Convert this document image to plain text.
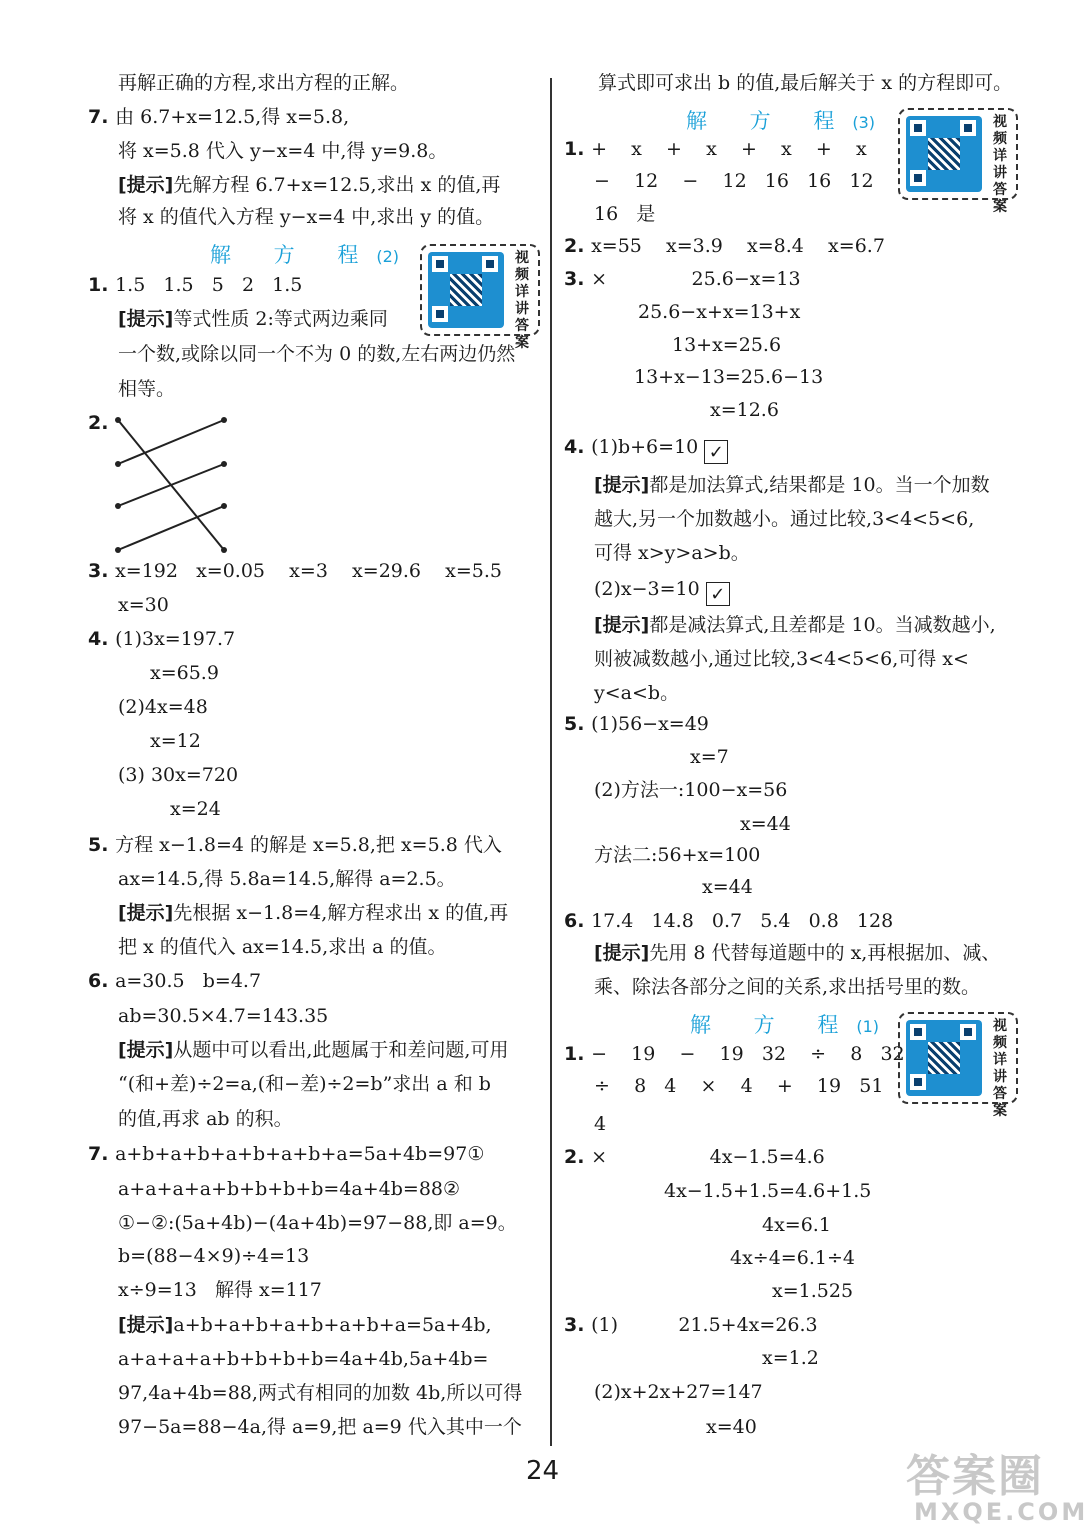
再解正确的方程,求出方程的正解。
7. 由 6.7+x=12.5,得 x=5.8,
将 x=5.8 代入 y−x=4 中,得 y=9.8。
[提示]先解方程 6.7+x=12.5,求出 x 的值,再
将 x 的值代入方程 y−x=4 中,求出 y 的值。
1. 1.5   1.5   5   2   1.5
[提示]等式性质 2:等式两边乘同
一个数,或除以同一个不为 0 的数,左右两边仍然
相等。
2.
3. x=192   x=0.05    x=3    x=29.6    x=5.5
x=30
4. (1)3x=197.7
x=65.9
(2)4x=48
x=12
(3) 30x=720
x=24
5. 方程 x−1.8=4 的解是 x=5.8,把 x=5.8 代入
ax=14.5,得 5.8a=14.5,解得 a=2.5。
[提示]先根据 x−1.8=4,解方程求出 x 的值,再
把 x 的值代入 ax=14.5,求出 a 的值。
6. a=30.5   b=4.7
ab=30.5×4.7=143.35
[提示]从题中可以看出,此题属于和差问题,可用
“(和+差)÷2=a,(和−差)÷2=b”求出 a 和 b
的值,再求 ab 的积。
7. a+b+a+b+a+b+a+b+a=5a+4b=97①
a+a+a+a+b+b+b+b=4a+4b=88②
①−②:(5a+4b)−(4a+4b)=97−88,即 a=9。
b=(88−4×9)÷4=13
x÷9=13   解得 x=117
[提示]a+b+a+b+a+b+a+b+a=5a+4b,
a+a+a+a+b+b+b+b=4a+4b,5a+4b=
97,4a+4b=88,两式有相同的加数 4b,所以可得
97−5a=88−4a,得 a=9,把 a=9 代入其中一个
解 方 程(2)
算式即可求出 b 的值,最后解关于 x 的方程即可。
1. +    x    +    x    +    x    +    x
−    12    −    12   16   16   12
16   是
2. x=55    x=3.9    x=8.4    x=6.7
3. ×              25.6−x=13
25.6−x+x=13+x
13+x=25.6
13+x−13=25.6−13
x=12.6
4. (1)b+6=10 ✓
[提示]都是加法算式,结果都是 10。当一个加数
越大,另一个加数越小。通过比较,3<4<5<6,
可得 x>y>a>b。
(2)x−3=10 ✓
[提示]都是减法算式,且差都是 10。当减数越小,
则被减数越小,通过比较,3<4<5<6,可得 x<
y<a<b。
5. (1)56−x=49
x=7
(2)方法一:100−x=56
x=44
方法二:56+x=100
x=44
6. 17.4   14.8   0.7   5.4   0.8   128
[提示]先用 8 代替每道题中的 x,再根据加、减、
乘、除法各部分之间的关系,求出括号里的数。
1. −    19    −    19   32    ÷    8   32
÷    8   4    ×    4    +    19   51
4
2. ×                 4x−1.5=4.6
4x−1.5+1.5=4.6+1.5
4x=6.1
4x÷4=6.1÷4
x=1.525
3. (1)          21.5+4x=26.3
x=1.2
(2)x+2x+27=147
x=40
解 方 程(3)
解 方 程(1)
视频详讲答案
视频详讲答案
视频详讲答案
24	答案圈
MXQE.COM
